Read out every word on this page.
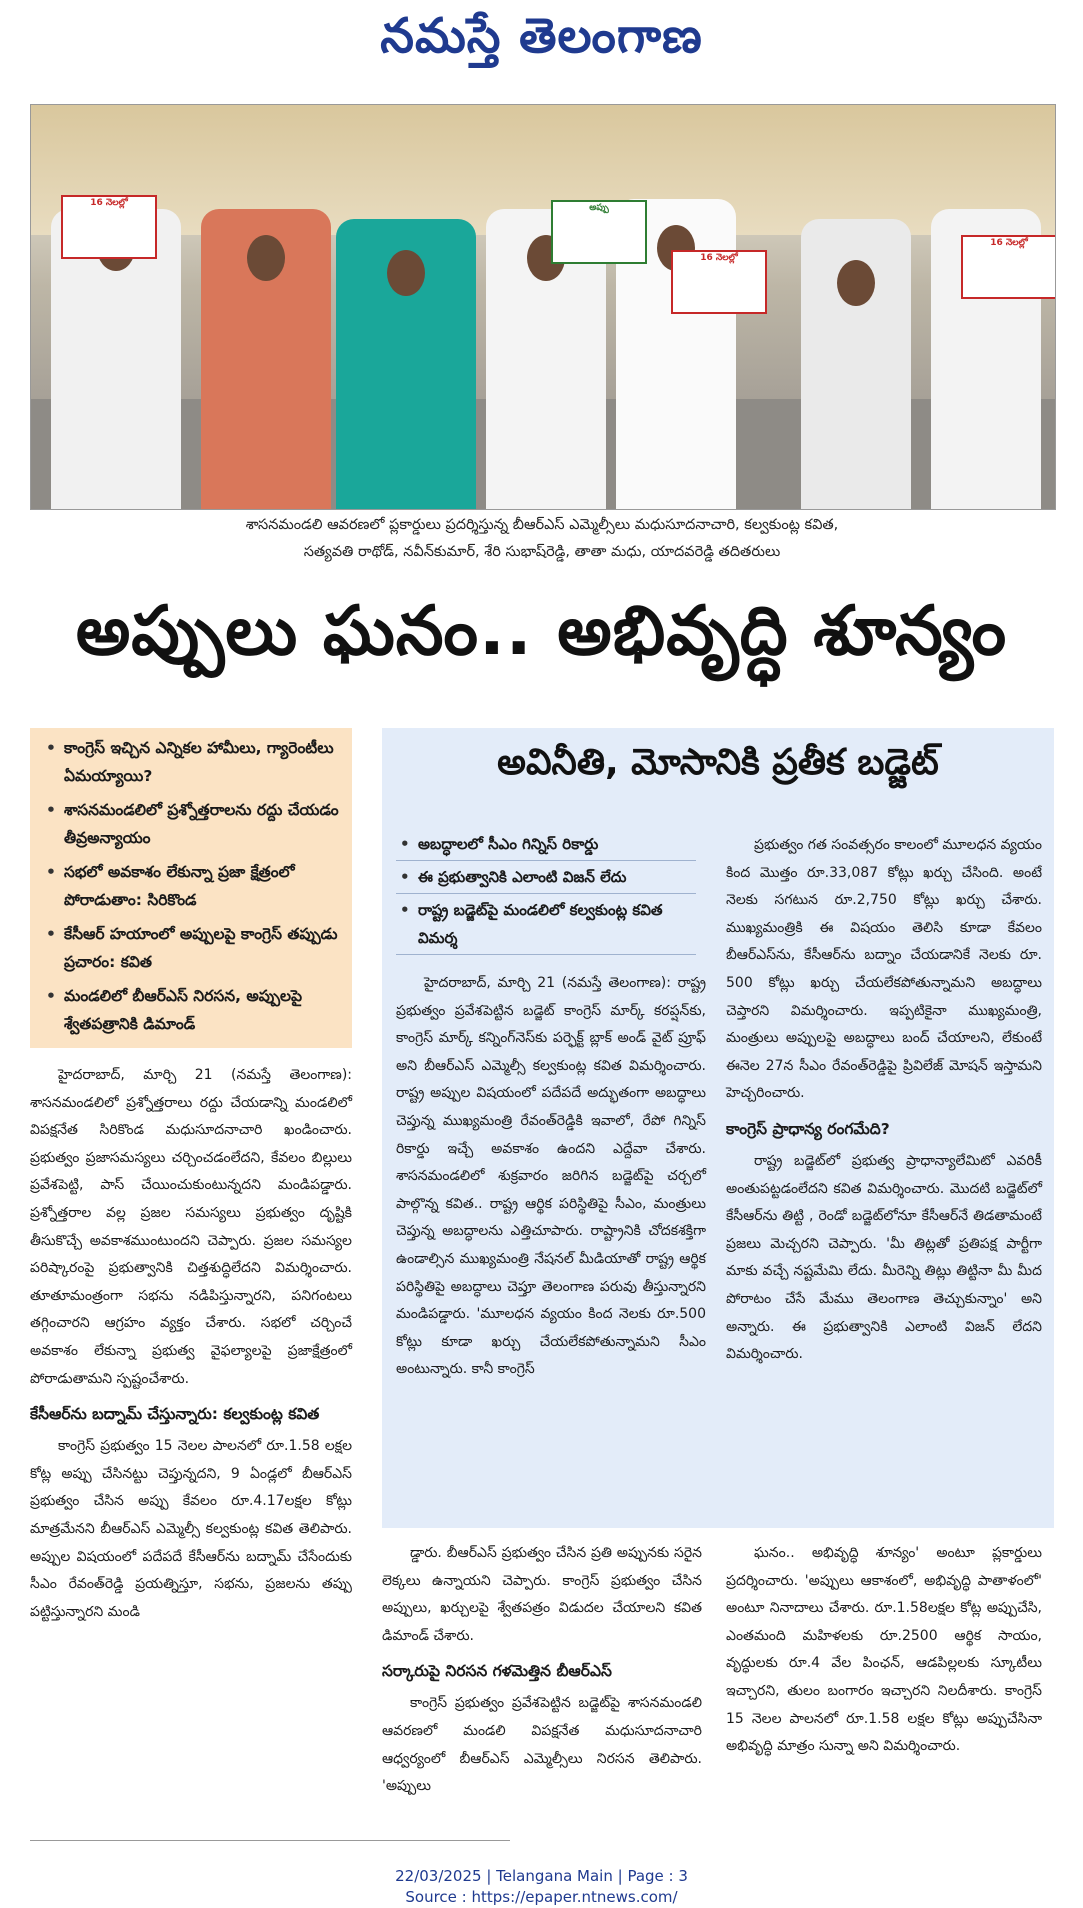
నమస్తే తెలంగాణ
16 నెలల్లో
16 నెలల్లో
అప్పు
16 నెలల్లో
శాసనమండలి ఆవరణలో ప్లకార్డులు ప్రదర్శిస్తున్న బీఆర్ఎస్ ఎమ్మెల్సీలు మధుసూదనాచారి, కల్వకుంట్ల కవిత,
సత్యవతి రాథోడ్, నవీన్‌కుమార్, శేరి సుభాష్‌రెడ్డి, తాతా మధు, యాదవరెడ్డి తదితరులు
అప్పులు ఘనం.. అభివృద్ధి శూన్యం
• కాంగ్రెస్ ఇచ్చిన ఎన్నికల హామీలు, గ్యారెంటీలు ఏమయ్యాయి?
• శాసనమండలిలో ప్రశ్నోత్తరాలను రద్దు చేయడం తీవ్రఅన్యాయం
• సభలో అవకాశం లేకున్నా ప్రజా క్షేత్రంలో పోరాడుతాం: సిరికొండ
• కేసీఆర్ హయాంలో అప్పులపై కాంగ్రెస్ తప్పుడు ప్రచారం: కవిత
• మండలిలో బీఆర్ఎస్ నిరసన, అప్పులపై శ్వేతపత్రానికి డిమాండ్
అవినీతి, మోసానికి ప్రతీక బడ్జెట్
• అబద్ధాలలో సీఎం గిన్నిస్ రికార్డు
• ఈ ప్రభుత్వానికి ఎలాంటి విజన్ లేదు
• రాష్ట్ర బడ్జెట్‌పై మండలిలో కల్వకుంట్ల కవిత విమర్శ

హైదరాబాద్, మార్చి 21 (నమస్తే తెలంగాణ): శాసనమండలిలో ప్రశ్నోత్తరాలు రద్దు చేయడాన్ని మండలిలో విపక్షనేత సిరికొండ మధుసూదనాచారి ఖండించారు. ప్రభుత్వం ప్రజాసమస్యలు చర్చించడంలేదని, కేవలం బిల్లులు ప్రవేశపెట్టి, పాస్ చేయించుకుంటున్నదని మండిపడ్డారు. ప్రశ్నోత్తరాల వల్ల ప్రజల సమస్యలు ప్రభుత్వం దృష్టికి తీసుకొచ్చే అవకాశముంటుందని చెప్పారు. ప్రజల సమస్యల పరిష్కారంపై ప్రభుత్వానికి చిత్తశుద్ధిలేదని విమర్శించారు. తూతూమంత్రంగా సభను నడిపిస్తున్నారని, పనిగంటలు తగ్గించారని ఆగ్రహం వ్యక్తం చేశారు. సభలో చర్చించే అవకాశం లేకున్నా ప్రభుత్వ వైఫల్యాలపై ప్రజాక్షేత్రంలో పోరాడుతామని స్పష్టంచేశారు.

కేసీఆర్‌ను బద్నామ్ చేస్తున్నారు: కల్వకుంట్ల కవిత

కాంగ్రెస్ ప్రభుత్వం 15 నెలల పాలనలో రూ.1.58 లక్షల కోట్ల అప్పు చేసినట్టు చెప్తున్నదని, 9 ఏండ్లలో బీఆర్ఎస్ ప్రభుత్వం చేసిన అప్పు కేవలం రూ.4.17లక్షల కోట్లు మాత్రమేనని బీఆర్ఎస్ ఎమ్మెల్సీ కల్వకుంట్ల కవిత తెలిపారు. అప్పుల విషయంలో పదేపదే కేసీఆర్‌ను బద్నామ్ చేసేందుకు సీఎం రేవంత్‌రెడ్డి ప్రయత్నిస్తూ, సభను, ప్రజలను తప్పు పట్టిస్తున్నారని మండి

హైదరాబాద్, మార్చి 21 (నమస్తే తెలంగాణ): రాష్ట్ర ప్రభుత్వం ప్రవేశపెట్టిన బడ్జెట్ కాంగ్రెస్ మార్క్ కరప్షన్‌కు, కాంగ్రెస్ మార్క్ కన్నింగ్‌నెస్‌కు పర్ఫెక్ట్ బ్లాక్ అండ్ వైట్ ప్రూఫ్ అని బీఆర్ఎస్ ఎమ్మెల్సీ కల్వకుంట్ల కవిత విమర్శించారు. రాష్ట్ర అప్పుల విషయంలో పదేపదే అద్భుతంగా అబద్ధాలు చెప్తున్న ముఖ్యమంత్రి రేవంత్‌రెడ్డికి ఇవాలో, రేపో గిన్నిస్ రికార్డు ఇచ్చే అవకాశం ఉందని ఎద్దేవా చేశారు. శాసనమండలిలో శుక్రవారం జరిగిన బడ్జెట్‌పై చర్చలో పాల్గొన్న కవిత.. రాష్ట్ర ఆర్థిక పరిస్థితిపై సీఎం, మంత్రులు చెప్తున్న అబద్ధాలను ఎత్తిచూపారు. రాష్ట్రానికి చోదకశక్తిగా ఉండాల్సిన ముఖ్యమంత్రి నేషనల్ మీడియాతో రాష్ట్ర ఆర్థిక పరిస్థితిపై అబద్ధాలు చెప్తూ తెలంగాణ పరువు తీస్తున్నారని మండిపడ్డారు. 'మూలధన వ్యయం కింద నెలకు రూ.500 కోట్లు కూడా ఖర్చు చేయలేకపోతున్నామని సీఎం అంటున్నారు. కానీ కాంగ్రెస్

ప్రభుత్వం గత సంవత్సరం కాలంలో మూలధన వ్యయం కింద మొత్తం రూ.33,087 కోట్లు ఖర్చు చేసింది. అంటే నెలకు సగటున రూ.2,750 కోట్లు ఖర్చు చేశారు. ముఖ్యమంత్రికి ఈ విషయం తెలిసి కూడా కేవలం బీఆర్ఎస్‌ను, కేసీఆర్‌ను బద్నాం చేయడానికే నెలకు రూ. 500 కోట్లు ఖర్చు చేయలేకపోతున్నామని అబద్ధాలు చెప్తారని విమర్శించారు. ఇప్పటికైనా ముఖ్యమంత్రి, మంత్రులు అప్పులపై అబద్ధాలు బంద్ చేయాలని, లేకుంటే ఈనెల 27న సీఎం రేవంత్‌రెడ్డిపై ప్రివిలేజ్ మోషన్ ఇస్తామని హెచ్చరించారు.

కాంగ్రెస్ ప్రాధాన్య రంగమేది?

రాష్ట్ర బడ్జెట్‌లో ప్రభుత్వ ప్రాధాన్యాలేమిటో ఎవరికీ అంతుపట్టడంలేదని కవిత విమర్శించారు. మొదటి బడ్జెట్‌లో కేసీఆర్‌ను తిట్టి , రెండో బడ్జెట్‌లోనూ కేసీఆర్‌నే తిడతామంటే ప్రజలు మెచ్చరని చెప్పారు. 'మీ తిట్లతో ప్రతిపక్ష పార్టీగా మాకు వచ్చే నష్టమేమి లేదు. మీరెన్ని తిట్లు తిట్టినా మీ మీద పోరాటం చేసే మేము తెలంగాణ తెచ్చుకున్నాం' అని అన్నారు. ఈ ప్రభుత్వానికి ఎలాంటి విజన్ లేదని విమర్శించారు.

డ్డారు. బీఆర్ఎస్ ప్రభుత్వం చేసిన ప్రతి అప్పునకు సరైన లెక్కలు ఉన్నాయని చెప్పారు. కాంగ్రెస్ ప్రభుత్వం చేసిన అప్పులు, ఖర్చులపై శ్వేతపత్రం విడుదల చేయాలని కవిత డిమాండ్ చేశారు.

సర్కారుపై నిరసన గళమెత్తిన బీఆర్ఎస్

కాంగ్రెస్ ప్రభుత్వం ప్రవేశపెట్టిన బడ్జెట్‌పై శాసనమండలి ఆవరణలో మండలి విపక్షనేత మధుసూదనాచారి ఆధ్వర్యంలో బీఆర్ఎస్ ఎమ్మెల్సీలు నిరసన తెలిపారు. 'అప్పులు

ఘనం.. అభివృద్ధి శూన్యం' అంటూ ప్లకార్డులు ప్రదర్శించారు. 'అప్పులు ఆకాశంలో, అభివృద్ధి పాతాళంలో' అంటూ నినాదాలు చేశారు. రూ.1.58లక్షల కోట్ల అప్పుచేసి, ఎంతమంది మహిళలకు రూ.2500 ఆర్థిక సాయం, వృద్ధులకు రూ.4 వేల పింఛన్, ఆడపిల్లలకు స్కూటీలు ఇచ్చారని, తులం బంగారం ఇచ్చారని నిలదీశారు. కాంగ్రెస్ 15 నెలల పాలనలో రూ.1.58 లక్షల కోట్లు అప్పుచేసినా అభివృద్ధి మాత్రం సున్నా అని విమర్శించారు.

22/03/2025 | Telangana Main | Page : 3
Source : https://epaper.ntnews.com/
